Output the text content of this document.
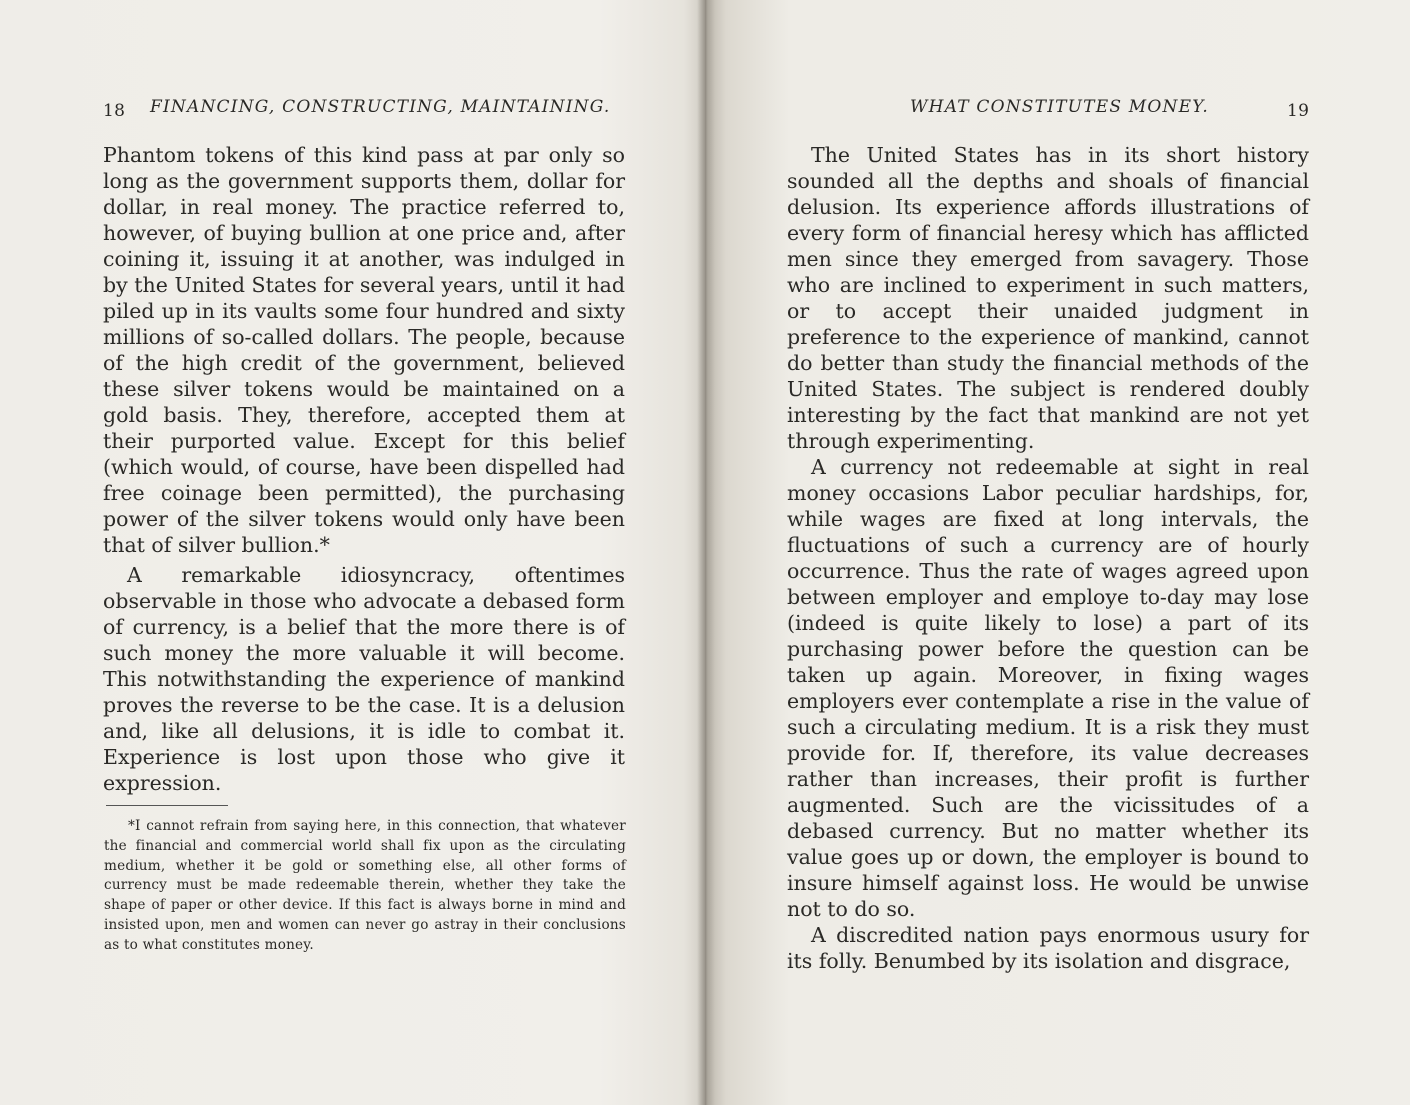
18 FINANCING, CONSTRUCTING, MAINTAINING.

Phantom tokens of this kind pass at par only so long as the government supports them, dollar for dollar, in real money. The practice referred to, however, of buying bullion at one price and, after coining it, issuing it at another, was indulged in by the United States for several years, until it had piled up in its vaults some four hundred and sixty millions of so-called dollars. The people, because of the high credit of the government, believed these silver tokens would be maintained on a gold basis. They, therefore, accepted them at their purported value. Except for this belief (which would, of course, have been dispelled had free coinage been permitted), the purchasing power of the silver tokens would only have been that of silver bullion.*

A remarkable idiosyncracy, oftentimes observable in those who advocate a debased form of currency, is a belief that the more there is of such money the more valuable it will become. This notwithstanding the experience of mankind proves the reverse to be the case. It is a delusion and, like all delusions, it is idle to combat it. Experience is lost upon those who give it expression.

*I cannot refrain from saying here, in this connection, that whatever the financial and commercial world shall fix upon as the circulating medium, whether it be gold or something else, all other forms of currency must be made redeemable therein, whether they take the shape of paper or other device. If this fact is always borne in mind and insisted upon, men and women can never go astray in their conclusions as to what constitutes money.

WHAT CONSTITUTES MONEY.	19

The United States has in its short history sounded all the depths and shoals of financial delusion. Its experience affords illustrations of every form of financial heresy which has afflicted men since they emerged from savagery. Those who are inclined to experiment in such matters, or to accept their unaided judgment in preference to the experience of mankind, cannot do better than study the financial methods of the United States. The subject is rendered doubly interesting by the fact that mankind are not yet through experimenting.

A currency not redeemable at sight in real money occasions Labor peculiar hardships, for, while wages are fixed at long intervals, the fluctuations of such a currency are of hourly occurrence. Thus the rate of wages agreed upon between employer and employe to-day may lose (indeed is quite likely to lose) a part of its purchasing power before the question can be taken up again. Moreover, in fixing wages employers ever contemplate a rise in the value of such a circulating medium. It is a risk they must provide for. If, therefore, its value decreases rather than increases, their profit is further augmented. Such are the vicissitudes of a debased currency. But no matter whether its value goes up or down, the employer is bound to insure himself against loss. He would be unwise not to do so.

A discredited nation pays enormous usury for its folly. Benumbed by its isolation and disgrace,
